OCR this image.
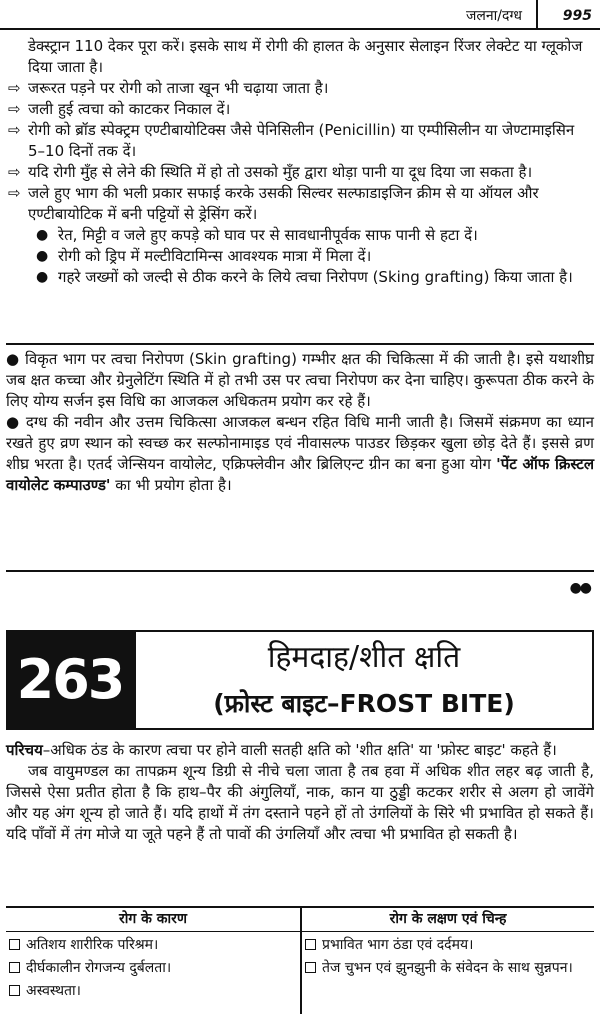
जलना/दग्ध	995

डेक्स्ट्रान 110 देकर पूरा करें। इसके साथ में रोगी की हालत के अनुसार सेलाइन रिंजर लेक्टेट या ग्लूकोज दिया जाता है।

⇨ जरूरत पड़ने पर रोगी को ताजा खून भी चढ़ाया जाता है।
⇨ जली हुई त्वचा को काटकर निकाल दें।
⇨ रोगी को ब्रॉड स्पेक्ट्रम एण्टीबायोटिक्स जैसे पेनिसिलीन (Penicillin) या एम्पीसिलीन या जेण्टामाइसिन 5–10 दिनों तक दें।
⇨ यदि रोगी मुँह से लेने की स्थिति में हो तो उसको मुँह द्वारा थोड़ा पानी या दूध दिया जा सकता है।
⇨ जले हुए भाग की भली प्रकार सफाई करके उसकी सिल्वर सल्फाडाइजिन क्रीम से या ऑयल और एण्टीबायोटिक में बनी पट्टियों से ड्रेसिंग करें।
● रेत, मिट्टी व जले हुए कपड़े को घाव पर से सावधानीपूर्वक साफ पानी से हटा दें।
● रोगी को ड्रिप में मल्टीविटामिन्स आवश्यक मात्रा में मिला दें।
● गहरे जख्मों को जल्दी से ठीक करने के लिये त्वचा निरोपण (Sking grafting) किया जाता है।

● विकृत भाग पर त्वचा निरोपण (Skin grafting) गम्भीर क्षत की चिकित्सा में की जाती है। इसे यथाशीघ्र जब क्षत कच्चा और ग्रेनुलेटिंग स्थिति में हो तभी उस पर त्वचा निरोपण कर देना चाहिए। कुरूपता ठीक करने के लिए योग्य सर्जन इस विधि का आजकल अधिकतम प्रयोग कर रहे हैं।

● दग्ध की नवीन और उत्तम चिकित्सा आजकल बन्धन रहित विधि मानी जाती है। जिसमें संक्रमण का ध्यान रखते हुए व्रण स्थान को स्वच्छ कर सल्फोनामाइड एवं नीवासल्फ पाउडर छिड़कर खुला छोड़ देते हैं। इससे व्रण शीघ्र भरता है। एतर्द जेन्सियन वायोलेट, एक्रिफ्लेवीन और ब्रिलिएन्ट ग्रीन का बना हुआ योग 'पेंट ऑफ क्रिस्टल वायोलेट कम्पाउण्ड' का भी प्रयोग होता है।

●●
263	हिमदाह/शीत क्षति
(फ्रोस्ट बाइट–FROST BITE)

परिचय–अधिक ठंड के कारण त्वचा पर होने वाली सतही क्षति को 'शीत क्षति' या 'फ्रोस्ट बाइट' कहते हैं।

जब वायुमण्डल का तापक्रम शून्य डिग्री से नीचे चला जाता है तब हवा में अधिक शीत लहर बढ़ जाती है, जिससे ऐसा प्रतीत होता है कि हाथ–पैर की अंगुलियाँ, नाक, कान या ठुड्डी कटकर शरीर से अलग हो जावेंगे और यह अंग शून्य हो जाते हैं। यदि हाथों में तंग दस्ताने पहने हों तो उंगलियों के सिरे भी प्रभावित हो सकते हैं। यदि पाँवों में तंग मोजे या जूते पहने हैं तो पावों की उंगलियाँ और त्वचा भी प्रभावित हो सकती है।

रोग के कारण
अतिशय शारीरिक परिश्रम।
दीर्घकालीन रोगजन्य दुर्बलता।
अस्वस्थता।
रोग के लक्षण एवं चिन्ह
प्रभावित भाग ठंडा एवं दर्दमय।
तेज चुभन एवं झुनझुनी के संवेदन के साथ सुन्नपन।
